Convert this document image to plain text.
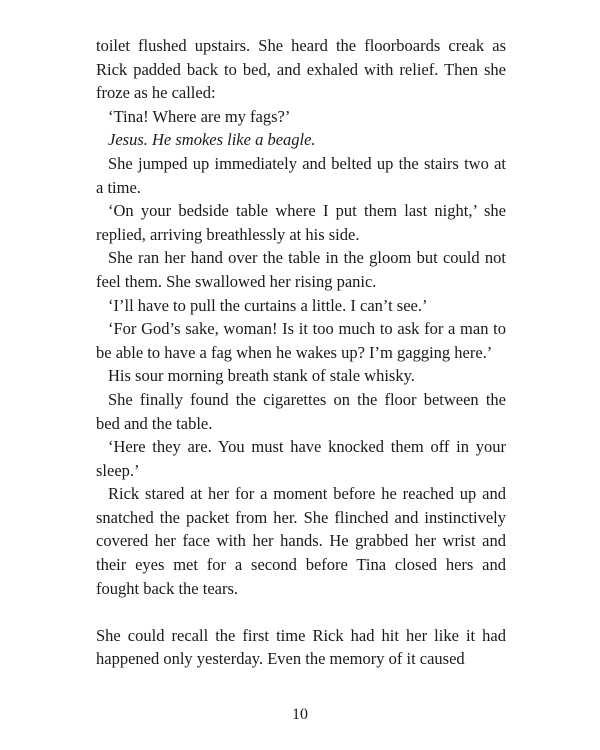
toilet flushed upstairs. She heard the floorboards creak as Rick padded back to bed, and exhaled with relief. Then she froze as he called:

‘Tina! Where are my fags?’

Jesus. He smokes like a beagle.

She jumped up immediately and belted up the stairs two at a time.

‘On your bedside table where I put them last night,’ she replied, arriving breathlessly at his side.

She ran her hand over the table in the gloom but could not feel them. She swallowed her rising panic.

‘I’ll have to pull the curtains a little. I can’t see.’

‘For God’s sake, woman! Is it too much to ask for a man to be able to have a fag when he wakes up? I’m gagging here.’

His sour morning breath stank of stale whisky.

She finally found the cigarettes on the floor between the bed and the table.

‘Here they are. You must have knocked them off in your sleep.’

Rick stared at her for a moment before he reached up and snatched the packet from her. She flinched and instinctively covered her face with her hands. He grabbed her wrist and their eyes met for a second before Tina closed hers and fought back the tears.

She could recall the first time Rick had hit her like it had happened only yesterday. Even the memory of it caused

10
